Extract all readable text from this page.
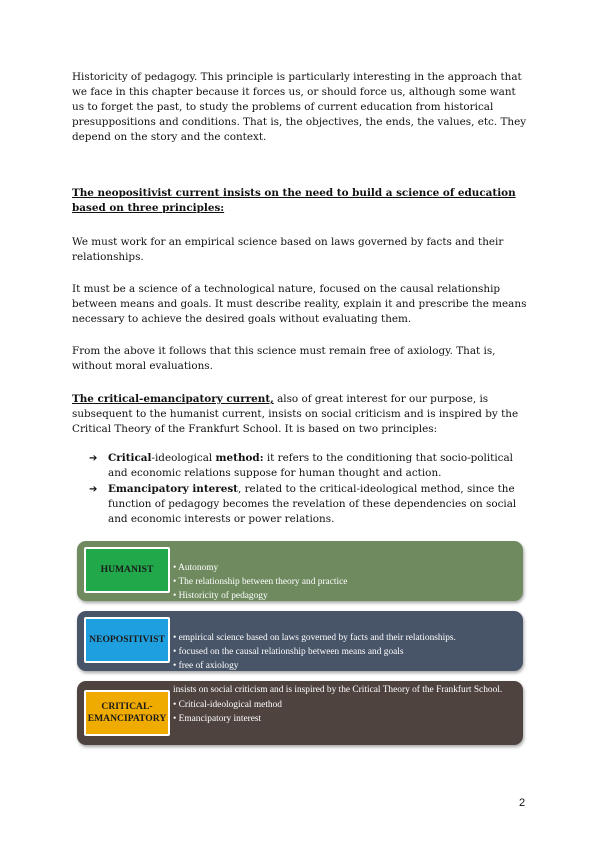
Historicity of pedagogy. This principle is particularly interesting in the approach that we face in this chapter because it forces us, or should force us, although some want us to forget the past, to study the problems of current education from historical presuppositions and conditions. That is, the objectives, the ends, the values, etc. They depend on the story and the context.

The neopositivist current insists on the need to build a science of education based on three principles:

We must work for an empirical science based on laws governed by facts and their relationships.

It must be a science of a technological nature, focused on the causal relationship between means and goals. It must describe reality, explain it and prescribe the means necessary to achieve the desired goals without evaluating them.

From the above it follows that this science must remain free of axiology. That is, without moral evaluations.

The critical-emancipatory current, also of great interest for our purpose, is subsequent to the humanist current, insists on social criticism and is inspired by the Critical Theory of the Frankfurt School. It is based on two principles:

➔ Critical-ideological method: it refers to the conditioning that socio-political and economic relations suppose for human thought and action.
➔ Emancipatory interest, related to the critical-ideological method, since the function of pedagogy becomes the revelation of these dependencies on social and economic interests or power relations.
HUMANIST	• Autonomy
• The relationship between theory and practice
• Historicity of pedagogy
NEOPOSITIVIST • empirical science based on laws governed by facts and their relationships.
• focused on the causal relationship between means and goals
• free of axiology
CRITICAL-EMANCIPATORY
insists on social criticism and is inspired by the Critical Theory of the Frankfurt School.
• Critical-ideological method
• Emancipatory interest
2
